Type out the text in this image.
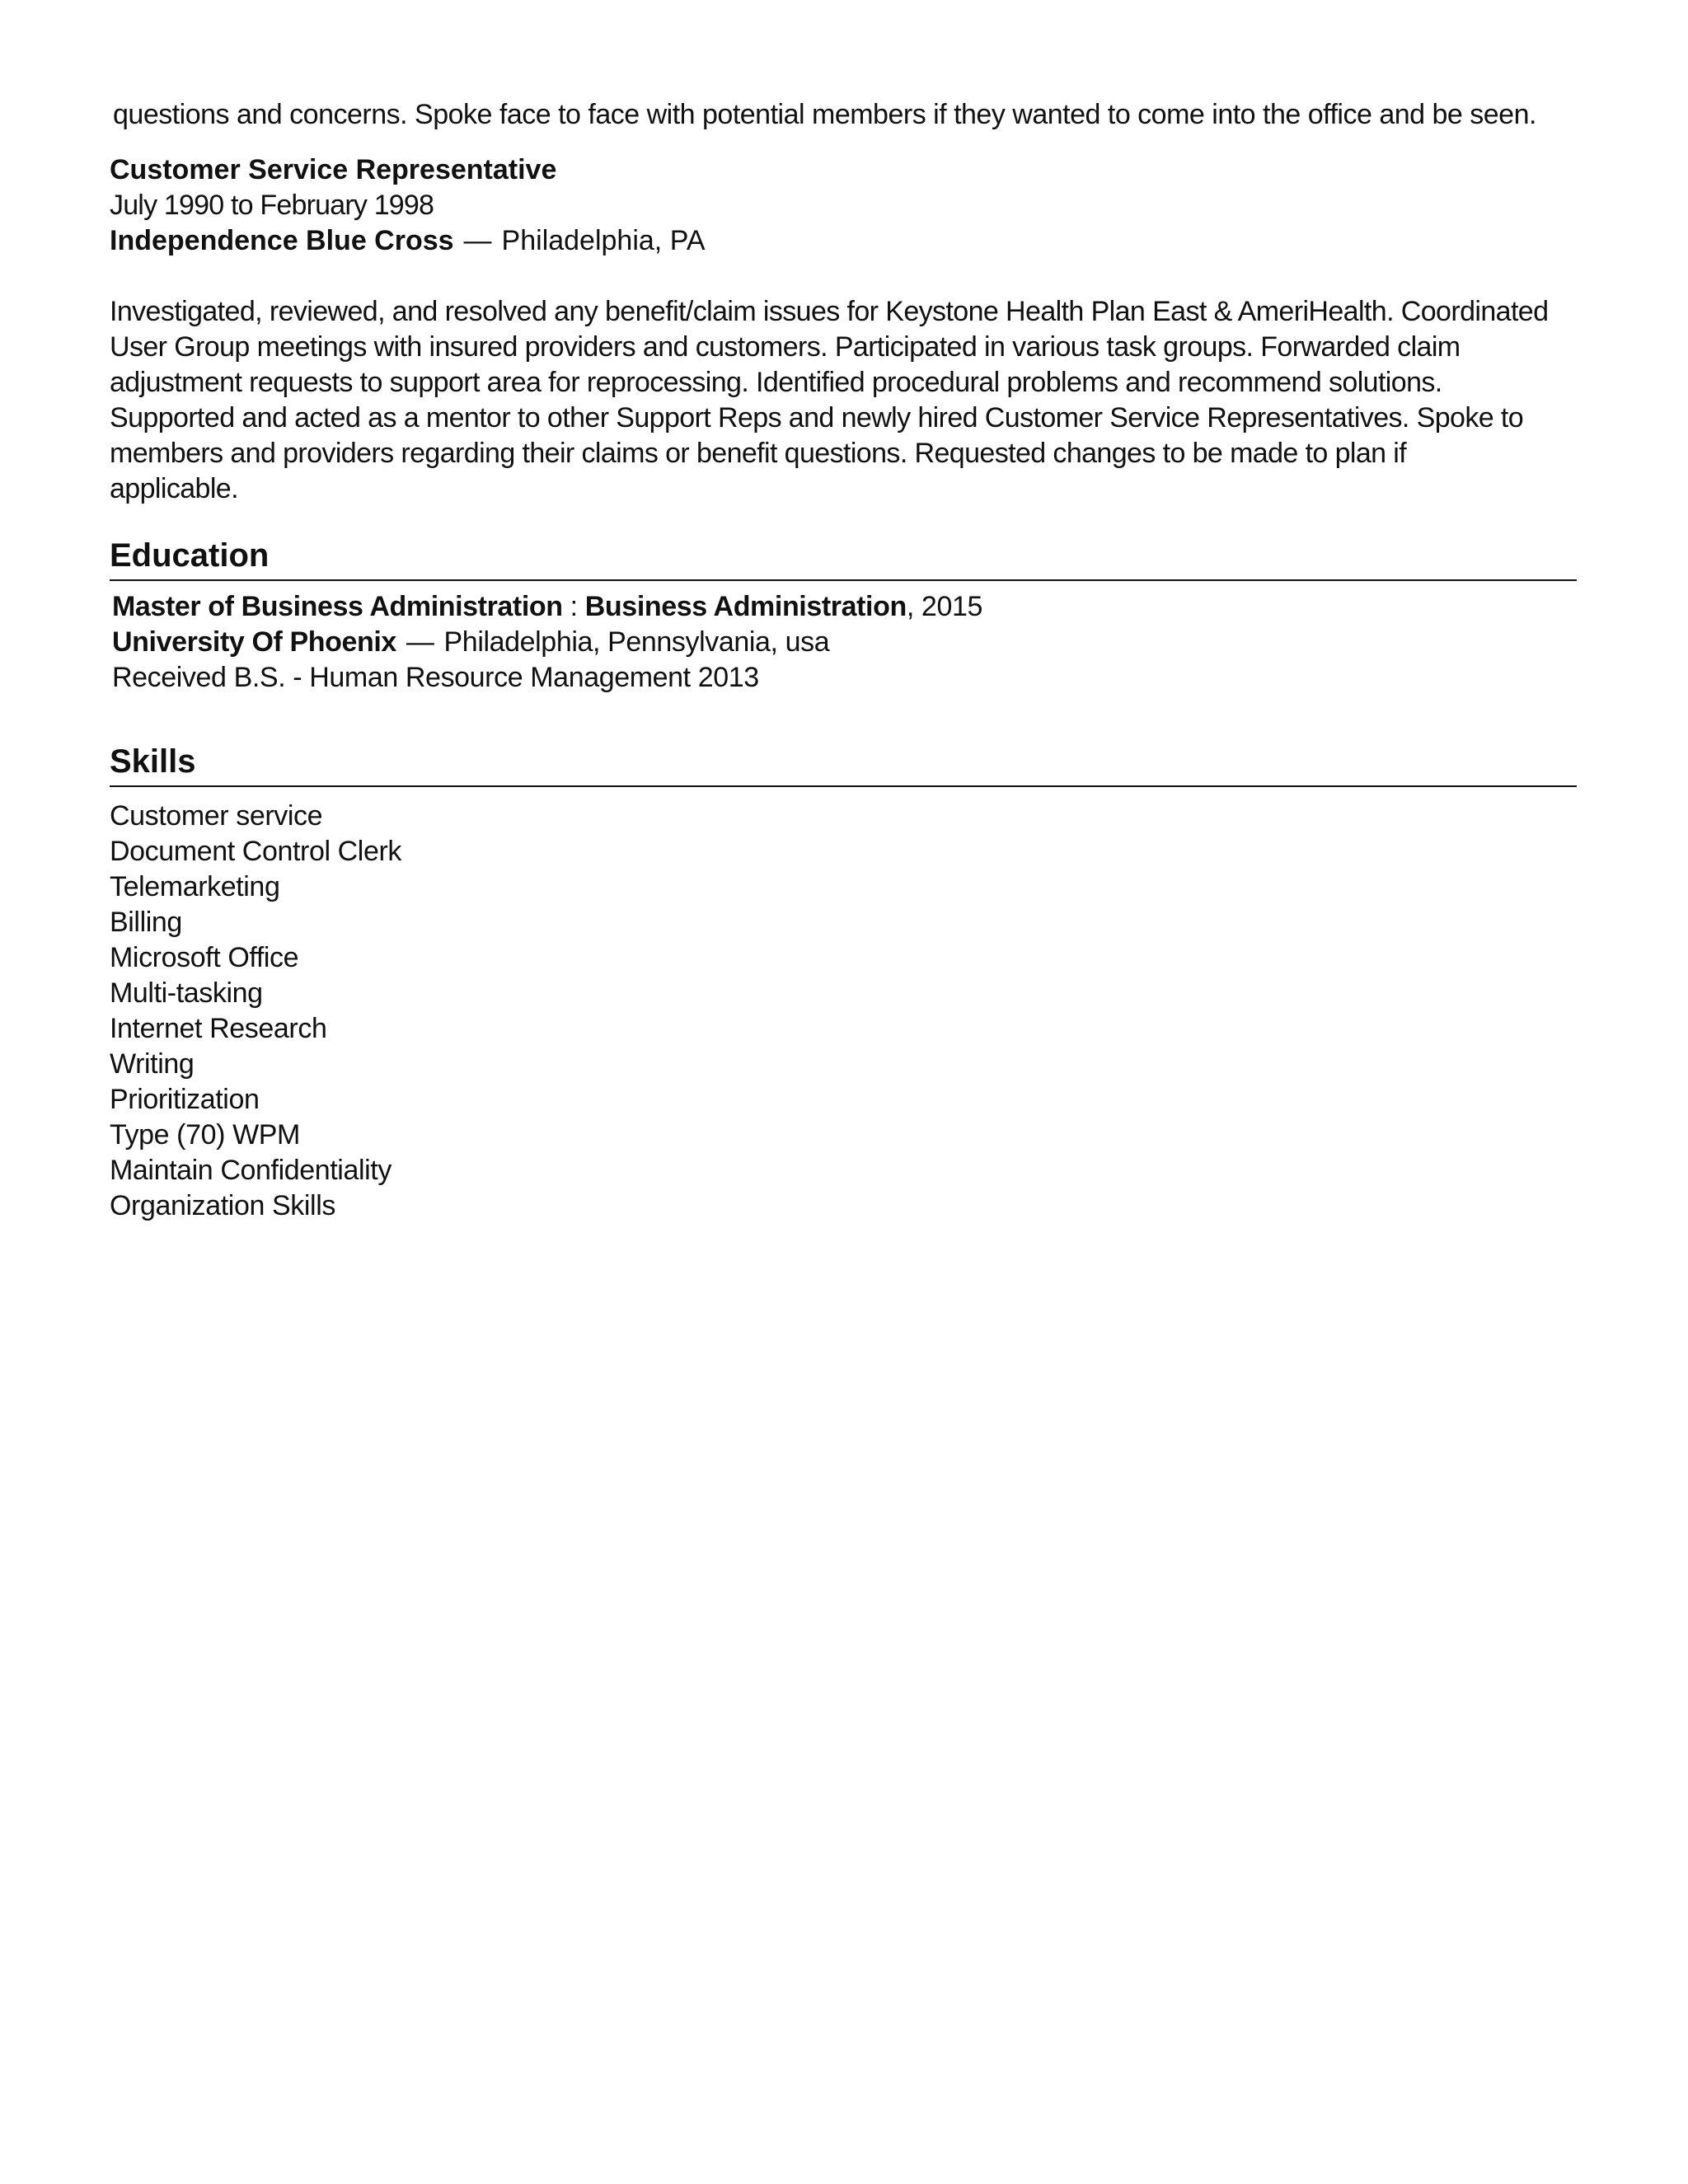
questions and concerns. Spoke face to face with potential members if they wanted to come into the office and be seen.
Customer Service Representative
July 1990 to February 1998
Independence Blue Cross — Philadelphia, PA
Investigated, reviewed, and resolved any benefit/claim issues for Keystone Health Plan East & AmeriHealth. Coordinated
User Group meetings with insured providers and customers. Participated in various task groups. Forwarded claim
adjustment requests to support area for reprocessing. Identified procedural problems and recommend solutions.
Supported and acted as a mentor to other Support Reps and newly hired Customer Service Representatives. Spoke to
members and providers regarding their claims or benefit questions. Requested changes to be made to plan if
applicable.
Education
Master of Business Administration : Business Administration, 2015
University Of Phoenix — Philadelphia, Pennsylvania, usa
Received B.S. - Human Resource Management 2013
Skills
Customer service
Document Control Clerk
Telemarketing
Billing
Microsoft Office
Multi-tasking
Internet Research
Writing
Prioritization
Type (70) WPM
Maintain Confidentiality
Organization Skills
